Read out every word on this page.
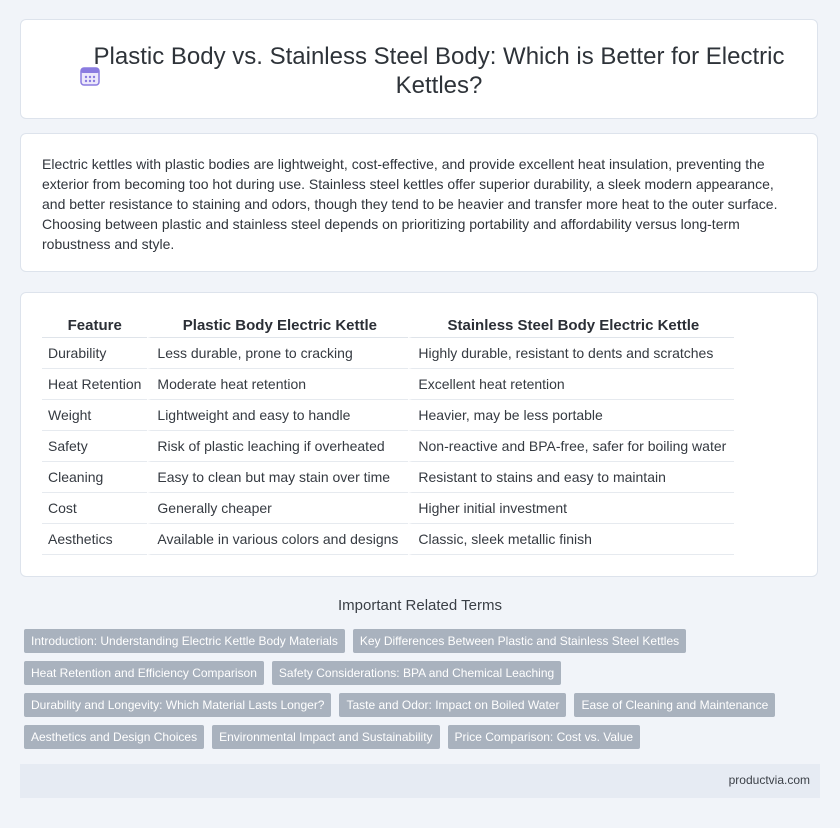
Plastic Body vs. Stainless Steel Body: Which is Better for Electric Kettles?

Electric kettles with plastic bodies are lightweight, cost-effective, and provide excellent heat insulation, preventing the exterior from becoming too hot during use. Stainless steel kettles offer superior durability, a sleek modern appearance, and better resistance to staining and odors, though they tend to be heavier and transfer more heat to the outer surface. Choosing between plastic and stainless steel depends on prioritizing portability and affordability versus long-term robustness and style.

Feature	Plastic Body Electric Kettle	Stainless Steel Body Electric Kettle
Durability	Less durable, prone to cracking	Highly durable, resistant to dents and scratches
Heat Retention	Moderate heat retention	Excellent heat retention
Weight	Lightweight and easy to handle	Heavier, may be less portable
Safety	Risk of plastic leaching if overheated	Non-reactive and BPA-free, safer for boiling water
Cleaning	Easy to clean but may stain over time	Resistant to stains and easy to maintain
Cost	Generally cheaper	Higher initial investment
Aesthetics	Available in various colors and designs	Classic, sleek metallic finish
Important Related Terms
Introduction: Understanding Electric Kettle Body Materials	Key Differences Between Plastic and Stainless Steel Kettles
Heat Retention and Efficiency Comparison	Safety Considerations: BPA and Chemical Leaching
Durability and Longevity: Which Material Lasts Longer?	Taste and Odor: Impact on Boiled Water	Ease of Cleaning and Maintenance
Aesthetics and Design Choices	Environmental Impact and Sustainability	Price Comparison: Cost vs. Value
productvia.com
